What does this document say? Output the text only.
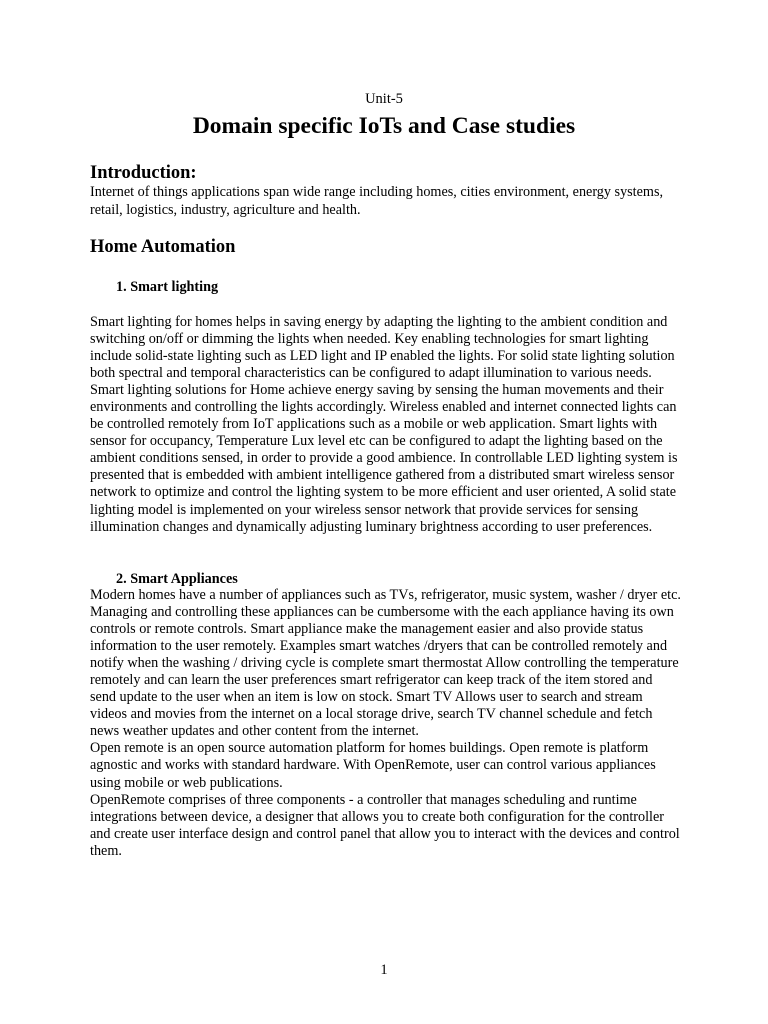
Unit-5
Domain specific IoTs and Case studies
Introduction:
Internet of things applications span wide range including homes, cities environment, energy systems, retail, logistics, industry, agriculture and health.
Home Automation
1. Smart lighting
Smart lighting for homes helps in saving energy by adapting the lighting to the ambient condition and switching on/off or dimming the lights when needed. Key enabling technologies for smart lighting include solid-state lighting such as LED light and IP enabled the lights. For solid state lighting solution both spectral and temporal characteristics can be configured to adapt illumination to various needs. Smart lighting solutions for Home achieve energy saving by sensing the human movements and their environments and controlling the lights accordingly. Wireless enabled and internet connected lights can be controlled remotely from IoT applications such as a mobile or web application. Smart lights with sensor for occupancy, Temperature Lux level etc can be configured to adapt the lighting based on the ambient conditions sensed, in order to provide a good ambience. In controllable LED lighting system is presented that is embedded with ambient intelligence gathered from a distributed smart wireless sensor network to optimize and control the lighting system to be more efficient and user oriented, A solid state lighting model is implemented on your wireless sensor network that provide services for sensing illumination changes and dynamically adjusting luminary brightness according to user preferences.
2. Smart Appliances
Modern homes have a number of appliances such as TVs, refrigerator, music system, washer / dryer etc. Managing and controlling these appliances can be cumbersome with the each appliance having its own controls or remote controls. Smart appliance make the management easier and also provide status information to the user remotely. Examples smart watches /dryers that can be controlled remotely and notify when the washing / driving cycle is complete smart thermostat Allow controlling the temperature remotely and can learn the user preferences smart refrigerator can keep track of the item stored and send update to the user when an item is low on stock. Smart TV Allows user to search and stream videos and movies from the internet on a local storage drive, search TV channel schedule and fetch news weather updates and other content from the internet.
Open remote is an open source automation platform for homes buildings. Open remote is platform agnostic and works with standard hardware. With OpenRemote, user can control various appliances using mobile or web publications.
OpenRemote comprises of three components - a controller that manages scheduling and runtime integrations between device, a designer that allows you to create both configuration for the controller and create user interface design and control panel that allow you to interact with the devices and control them.
1
